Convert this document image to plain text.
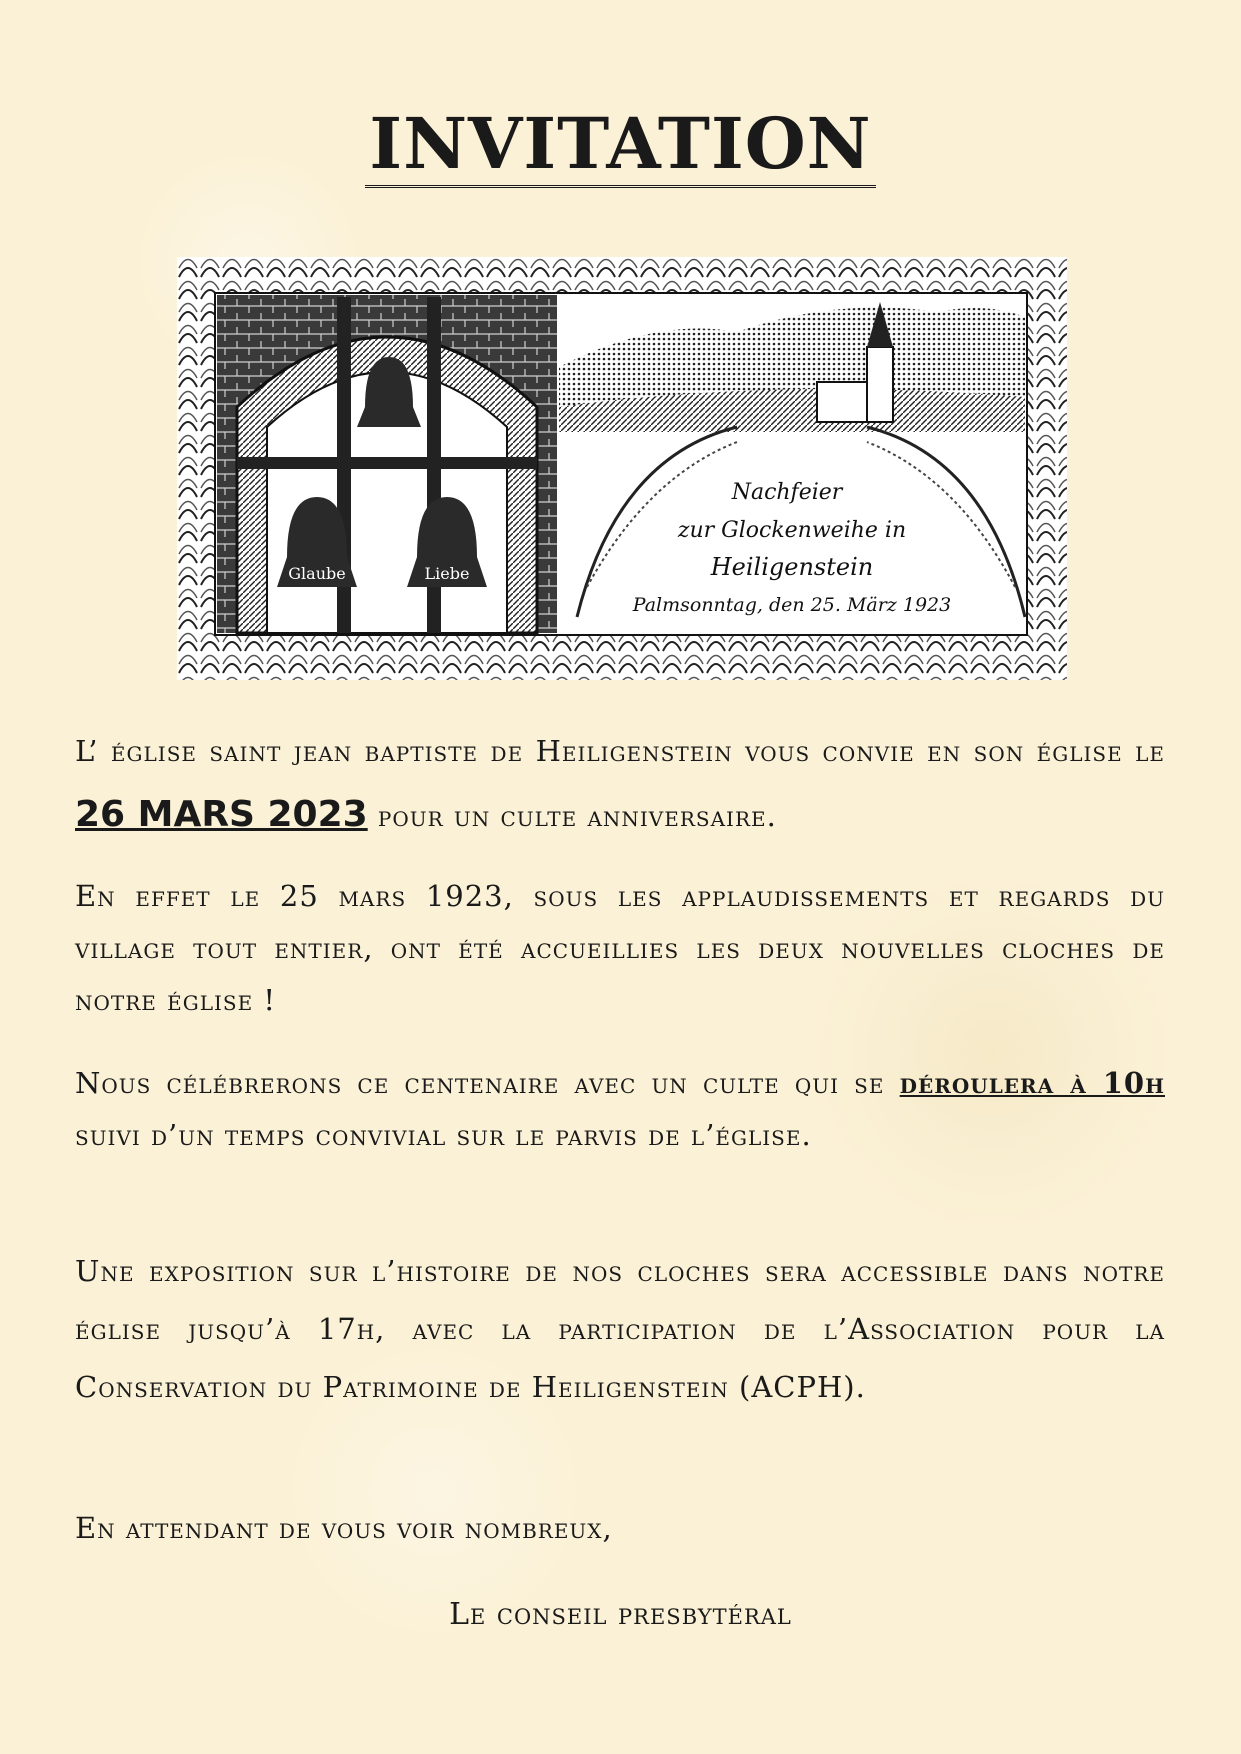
INVITATION
Glaube	Liebe
Nachfeier
zur Glockenweihe in
Heiligenstein
Palmsonntag, den 25. März 1923
L’ église saint jean baptiste de Heiligenstein vous convie en son église le 26 MARS 2023 pour un culte anniversaire.
En effet le 25 mars 1923, sous les applaudissements et regards du village tout entier, ont été accueillies les deux nouvelles cloches de notre église !
Nous célébrerons ce centenaire avec un culte qui se déroulera à 10h suivi d’un temps convivial sur le parvis de l’église.
Une exposition sur l’histoire de nos cloches sera accessible dans notre église jusqu’à 17h, avec la participation de l’Association pour la Conservation du Patrimoine de Heiligenstein (ACPH).
En attendant de vous voir nombreux,
Le conseil presbytéral
